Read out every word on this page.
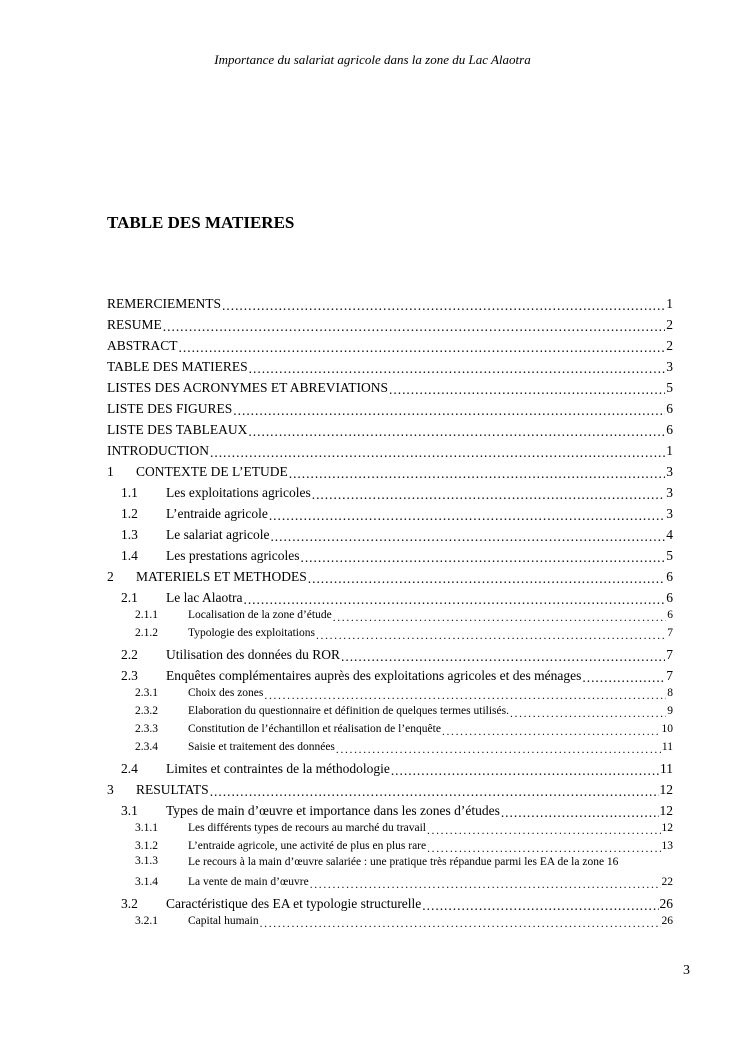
Importance du salariat agricole dans la zone du Lac Alaotra
TABLE DES MATIERES
REMERCIEMENTS . . .	1
RESUME . . .	2
ABSTRACT . . .	2
TABLE DES MATIERES . . .	3
LISTES DES ACRONYMES ET ABREVIATIONS . . .	5
LISTE DES FIGURES . . .	6
LISTE DES TABLEAUX . . .	6
INTRODUCTION . . .	1
1	CONTEXTE DE L’ETUDE . . .	3
1.1	Les exploitations agricoles . . .	3
1.2	L’entraide agricole . . .	3
1.3	Le salariat agricole . . .	4
1.4	Les prestations agricoles . . .	5
2	MATERIELS ET METHODES . . .	6
2.1	Le lac Alaotra . . .	6
2.1.1	Localisation de la zone d’étude . . .	6
2.1.2	Typologie des exploitations . . .	7
2.2	Utilisation des données du ROR . . .	7
2.3	Enquêtes complémentaires auprès des exploitations agricoles et des ménages . . .	7
2.3.1	Choix des zones . . .	8
2.3.2	Elaboration du questionnaire et définition de quelques termes utilisés. . . .	9
2.3.3	Constitution de l’échantillon et réalisation de l’enquête . . .	10
2.3.4	Saisie et traitement des données . . .	11
2.4	Limites et contraintes de la méthodologie . . .	11
3	RESULTATS . . .	12
3.1	Types de main d’œuvre et importance dans les zones d’études . . .	12
3.1.1	Les différents types de recours au marché du travail . . .	12
3.1.2	L’entraide agricole, une activité de plus en plus rare . . .	13
3.1.3	Le recours à la main d’œuvre salariée : une pratique très répandue parmi les EA de la zone 16
3.1.4	La vente de main d’œuvre . . .	22
3.2	Caractéristique des EA et typologie structurelle . . .	26
3.2.1	Capital humain . . .	26
3
